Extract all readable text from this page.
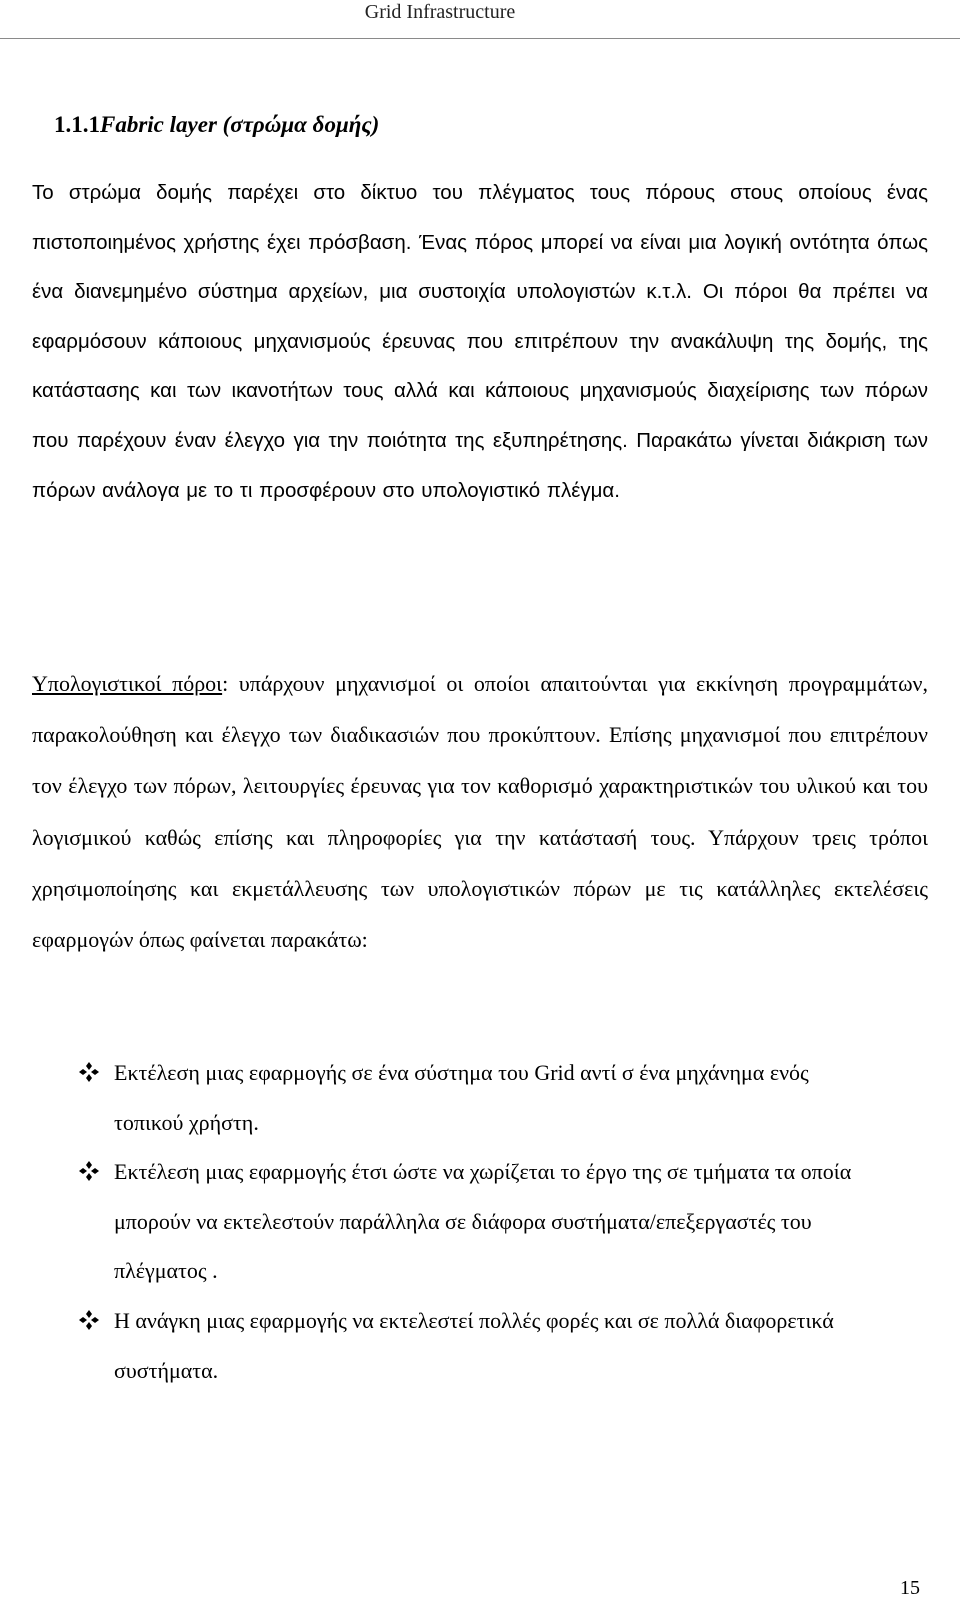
Grid Infrastructure
1.1.1Fabric layer (στρώμα δομής)

Το στρώμα δομής παρέχει στο δίκτυο του πλέγματος τους πόρους στους οποίους ένας πιστοποιημένος χρήστης έχει πρόσβαση. Ένας πόρος μπορεί να είναι μια λογική οντότητα όπως ένα διανεμημένο σύστημα αρχείων, μια συστοιχία υπολογιστών κ.τ.λ. Οι πόροι θα πρέπει να εφαρμόσουν κάποιους μηχανισμούς έρευνας που επιτρέπουν την ανακάλυψη της δομής, της κατάστασης και των ικανοτήτων τους αλλά και κάποιους μηχανισμούς διαχείρισης των πόρων που παρέχουν έναν έλεγχο για την ποιότητα της εξυπηρέτησης. Παρακάτω γίνεται διάκριση των πόρων ανάλογα με το τι προσφέρουν στο υπολογιστικό πλέγμα.

Υπολογιστικοί πόροι: υπάρχουν μηχανισμοί οι οποίοι απαιτούνται για εκκίνηση προγραμμάτων, παρακολούθηση και έλεγχο των διαδικασιών που προκύπτουν. Επίσης μηχανισμοί που επιτρέπουν τον έλεγχο των πόρων, λειτουργίες έρευνας για τον καθορισμό χαρακτηριστικών του υλικού και του λογισμικού καθώς επίσης και πληροφορίες για την κατάστασή τους. Υπάρχουν τρεις τρόποι χρησιμοποίησης και εκμετάλλευσης των υπολογιστικών πόρων με τις κατάλληλες εκτελέσεις εφαρμογών όπως φαίνεται παρακάτω:

Εκτέλεση μιας εφαρμογής σε ένα σύστημα του Grid αντί σ ένα μηχάνημα ενός τοπικού χρήστη.
Εκτέλεση μιας εφαρμογής έτσι ώστε να χωρίζεται το έργο της σε τμήματα τα οποία μπορούν να εκτελεστούν παράλληλα σε διάφορα συστήματα/επεξεργαστές του πλέγματος .
Η ανάγκη μιας εφαρμογής να εκτελεστεί πολλές φορές και σε πολλά διαφορετικά συστήματα.
15
